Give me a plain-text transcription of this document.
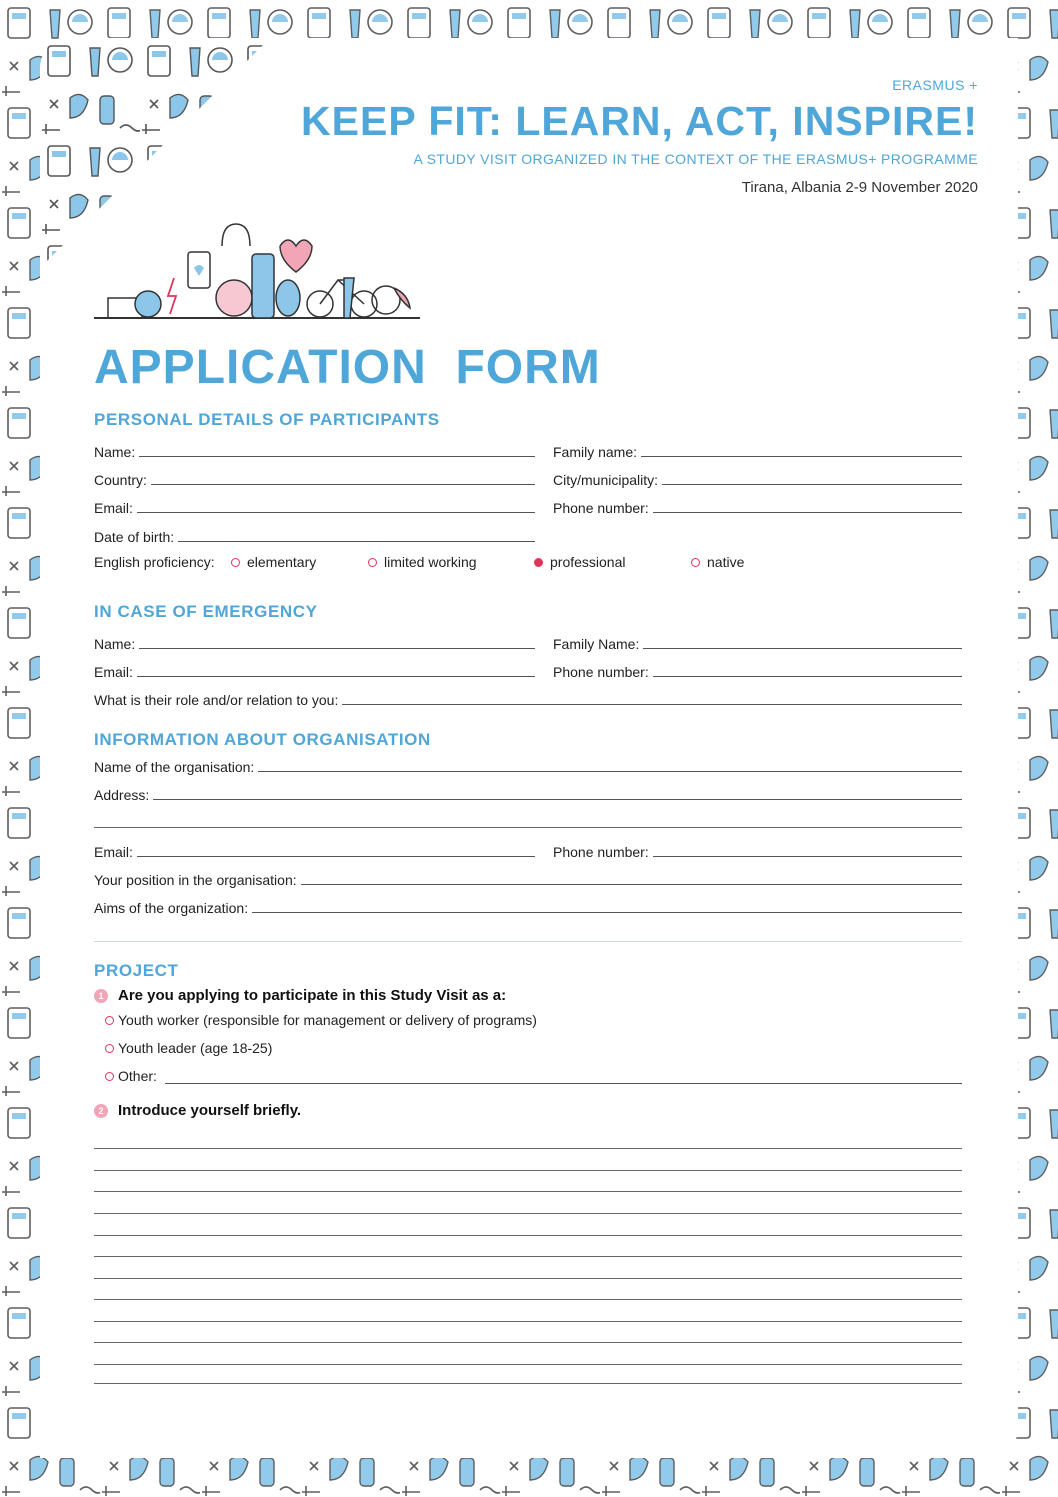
ERASMUS +
KEEP FIT: LEARN, ACT, INSPIRE!
A STUDY VISIT ORGANIZED IN THE CONTEXT OF THE ERASMUS+ PROGRAMME
Tirana, Albania 2-9 November 2020
APPLICATION  FORM
PERSONAL DETAILS OF PARTICIPANTS
Name:	Family name:
Country:	City/municipality:
Email:	Phone number:
Date of birth:
English proficiency: elementary	limited working	professional	native
IN CASE OF EMERGENCY
Name:	Family Name:
Email:	Phone number:
What is their role and/or relation to you:
INFORMATION ABOUT ORGANISATION
Name of the organisation:
Address:
Email:	Phone number:
Your position in the organisation:
Aims of the organization:
PROJECT
1 Are you applying to participate in this Study Visit as a:
Youth worker (responsible for management or delivery of programs)
Youth leader (age 18-25)
Other:
2 Introduce yourself briefly.
